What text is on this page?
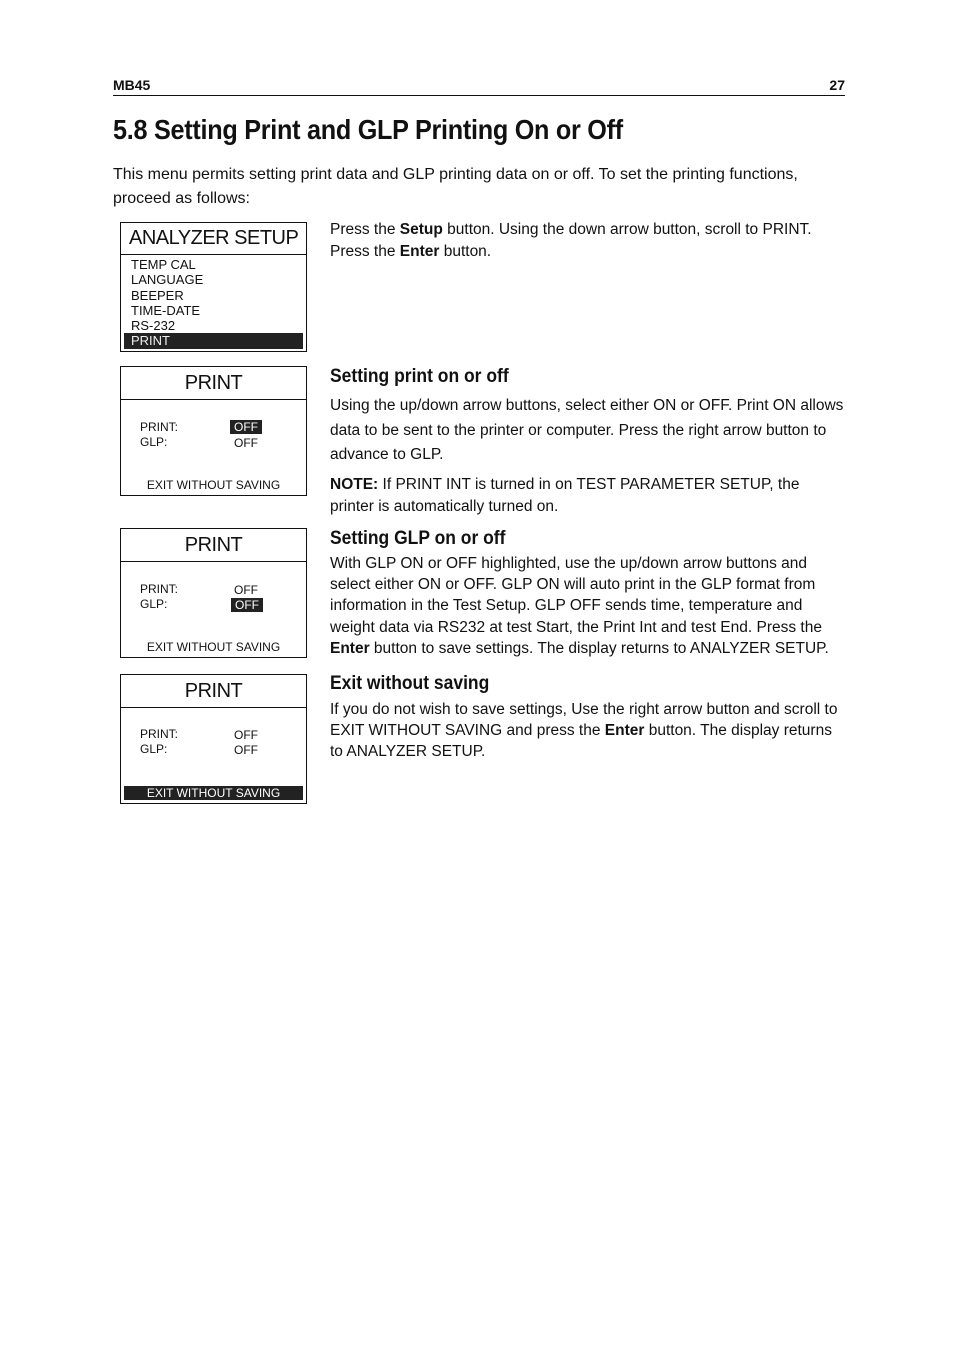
MB45	27
5.8 Setting Print and GLP Printing On or Off

This menu permits setting print data and GLP printing data on or off. To set the printing functions, proceed as follows:

ANALYZER SETUP
TEMP CAL
LANGUAGE
BEEPER
TIME-DATE
RS-232
PRINT
PRINT
PRINT:	OFF
GLP:	OFF
EXIT WITHOUT SAVING
PRINT
PRINT:	OFF
GLP:	OFF
EXIT WITHOUT SAVING
PRINT
PRINT:	OFF
GLP:	OFF
EXIT WITHOUT SAVING

Press the Setup button. Using the down arrow button, scroll to PRINT. Press the Enter button.

Setting print on or off

Using the up/down arrow buttons, select either ON or OFF. Print ON allows data to be sent to the printer or computer. Press the right arrow button to advance to GLP.

NOTE: If PRINT INT is turned in on TEST PARAMETER SETUP, the printer is automatically turned on.

Setting GLP on or off

With GLP ON or OFF highlighted, use the up/down arrow buttons and select either ON or OFF. GLP ON will auto print in the GLP format from information in the Test Setup. GLP OFF sends time, temperature and weight data via RS232 at test Start, the Print Int and test End. Press the Enter button to save settings. The display returns to ANALYZER SETUP.

Exit without saving

If you do not wish to save settings, Use the right arrow button and scroll to EXIT WITHOUT SAVING and press the Enter button. The display returns to ANALYZER SETUP.
